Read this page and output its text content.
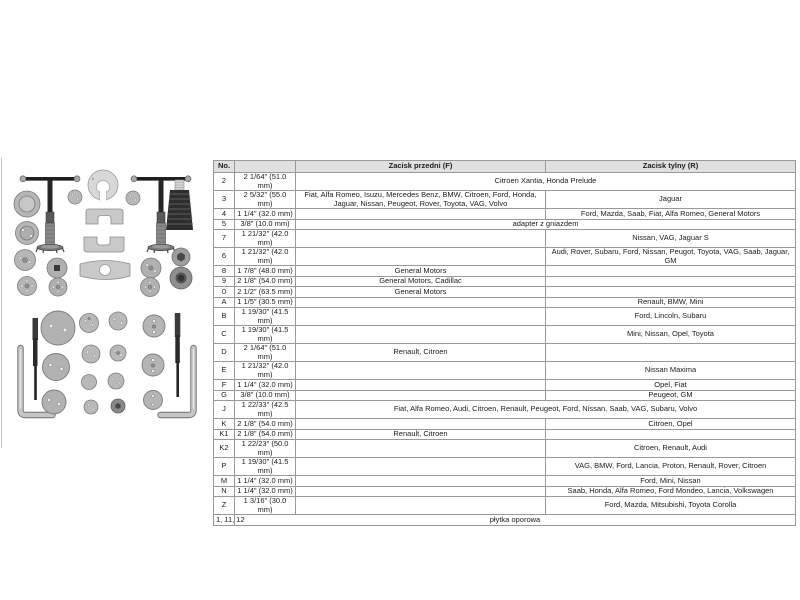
No.		Zacisk przedni (F)	Zacisk tylny (R)
2	2 1/64" (51.0 mm)	Citroen Xantia, Honda Prelude	
3	2 5/32" (55.0 mm)	Fiat, Alfa Romeo, Isuzu, Mercedes Benz, BMW, Citroen, Ford, Honda, Jaguar, Nissan, Peugeot, Rover, Toyota, VAG, Volvo	Jaguar
4	1 1/4" (32.0 mm)		Ford, Mazda, Saab, Fiat, Alfa Romeo, General Motors
5	3/8" (10.0 mm)	adapter z gniazdem	
7	1 21/32" (42.0 mm)		Nissan, VAG, Jaguar S
6	1 21/32" (42.0 mm)		Audi, Rover, Subaru, Ford, Nissan, Peugot, Toyota, VAG, Saab, Jaguar, GM
8	1 7/8" (48.0 mm)	General Motors	
9	2 1/8" (54.0 mm)	General Motors, Cadillac	
0	2 1/2" (63.5 mm)	General Motors	
A	1 1/5" (30.5 mm)		Renault, BMW, Mini
B	1 19/30" (41.5 mm)		Ford, Lincoln, Subaru
C	1 19/30" (41.5 mm)		Mini, Nissan, Opel, Toyota
D	2 1/64" (51.0 mm)	Renault, Citroen	
E	1 21/32" (42.0 mm)		Nissan Maxima
F	1 1/4" (32.0 mm)		Opel, Fiat
G	3/8" (10.0 mm)		Peugeot, GM
J	1 22/33" (42.5 mm)	Fiat, Alfa Romeo, Audi, Citroen, Renault, Peugeot, Ford, Nissan, Saab, VAG, Subaru, Volvo	
K	2 1/8" (54.0 mm)		Citroen, Opel
K1	2 1/8" (54.0 mm)	Renault, Citroen	
K2	1 22/23" (50.0 mm)		Citroen, Renault, Audi
P	1 19/30" (41.5 mm)		VAG, BMW, Ford, Lancia, Proton, Renault, Rover, Citroen
M	1 1/4" (32.0 mm)		Ford, Mini, Nissan
N	1 1/4" (32.0 mm)		Saab, Honda, Alfa Romeo, Ford Mondeo, Lancia, Volkswagen
Z	1 3/16" (30.0 mm)		Ford, Mazda, Mitsubishi, Toyota Corolla
1, 11, 12	płytka oporowa		
